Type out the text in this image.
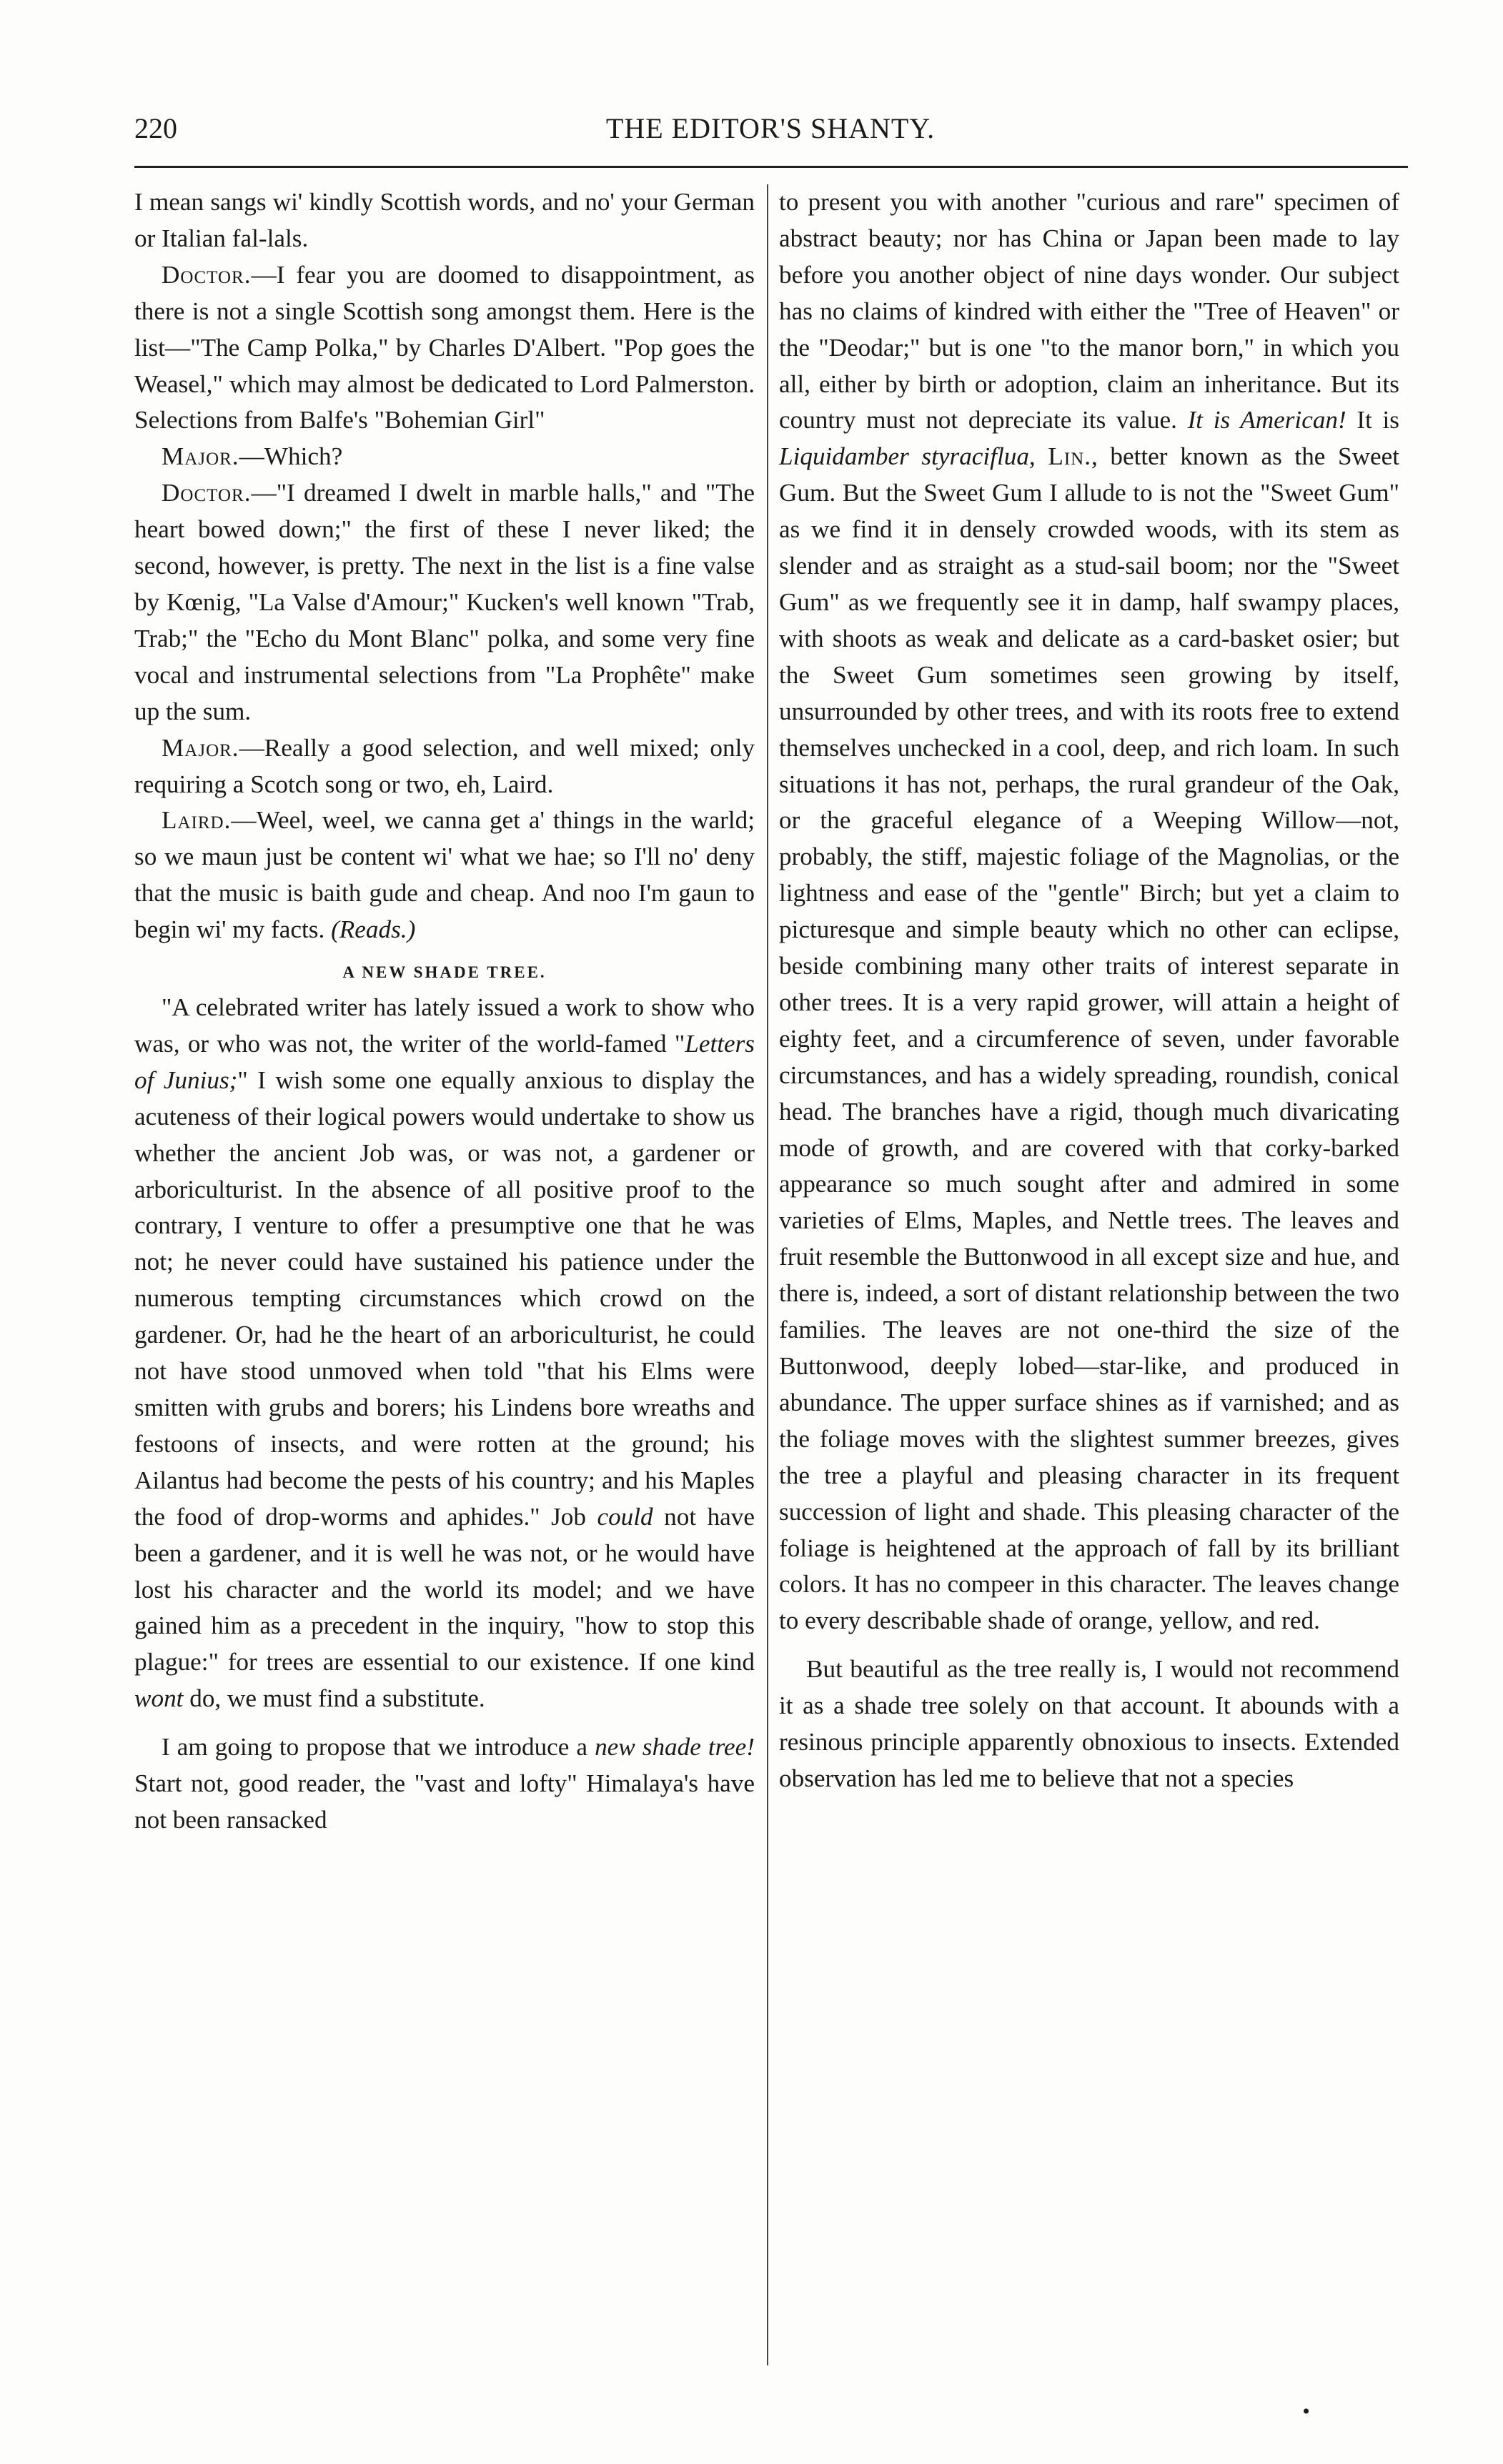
220	THE EDITOR'S SHANTY.

I mean sangs wi' kindly Scottish words, and no' your German or Italian fal-lals.

Doctor.—I fear you are doomed to disappointment, as there is not a single Scottish song amongst them. Here is the list—"The Camp Polka," by Charles D'Albert. "Pop goes the Weasel," which may almost be dedicated to Lord Palmerston. Selections from Balfe's "Bohemian Girl"

Major.—Which?

Doctor.—"I dreamed I dwelt in marble halls," and "The heart bowed down;" the first of these I never liked; the second, however, is pretty. The next in the list is a fine valse by Kœnig, "La Valse d'Amour;" Kucken's well known "Trab, Trab;" the "Echo du Mont Blanc" polka, and some very fine vocal and instrumental selections from "La Prophête" make up the sum.

Major.—Really a good selection, and well mixed; only requiring a Scotch song or two, eh, Laird.

Laird.—Weel, weel, we canna get a' things in the warld; so we maun just be content wi' what we hae; so I'll no' deny that the music is baith gude and cheap. And noo I'm gaun to begin wi' my facts. (Reads.)

A NEW SHADE TREE.

"A celebrated writer has lately issued a work to show who was, or who was not, the writer of the world-famed "Letters of Junius;" I wish some one equally anxious to display the acuteness of their logical powers would undertake to show us whether the ancient Job was, or was not, a gardener or arboriculturist. In the absence of all positive proof to the contrary, I venture to offer a presumptive one that he was not; he never could have sustained his patience under the numerous tempting circumstances which crowd on the gardener. Or, had he the heart of an arboriculturist, he could not have stood unmoved when told "that his Elms were smitten with grubs and borers; his Lindens bore wreaths and festoons of insects, and were rotten at the ground; his Ailantus had become the pests of his country; and his Maples the food of drop-worms and aphides." Job could not have been a gardener, and it is well he was not, or he would have lost his character and the world its model; and we have gained him as a precedent in the inquiry, "how to stop this plague:" for trees are essential to our existence. If one kind wont do, we must find a substitute.

I am going to propose that we introduce a new shade tree! Start not, good reader, the "vast and lofty" Himalaya's have not been ransacked

to present you with another "curious and rare" specimen of abstract beauty; nor has China or Japan been made to lay before you another object of nine days wonder. Our subject has no claims of kindred with either the "Tree of Heaven" or the "Deodar;" but is one "to the manor born," in which you all, either by birth or adoption, claim an inheritance. But its country must not depreciate its value. It is American! It is Liquidamber styraciflua, Lin., better known as the Sweet Gum. But the Sweet Gum I allude to is not the "Sweet Gum" as we find it in densely crowded woods, with its stem as slender and as straight as a stud-sail boom; nor the "Sweet Gum" as we frequently see it in damp, half swampy places, with shoots as weak and delicate as a card-basket osier; but the Sweet Gum sometimes seen growing by itself, unsurrounded by other trees, and with its roots free to extend themselves unchecked in a cool, deep, and rich loam. In such situations it has not, perhaps, the rural grandeur of the Oak, or the graceful elegance of a Weeping Willow—not, probably, the stiff, majestic foliage of the Magnolias, or the lightness and ease of the "gentle" Birch; but yet a claim to picturesque and simple beauty which no other can eclipse, beside combining many other traits of interest separate in other trees. It is a very rapid grower, will attain a height of eighty feet, and a circumference of seven, under favorable circumstances, and has a widely spreading, roundish, conical head. The branches have a rigid, though much divaricating mode of growth, and are covered with that corky-barked appearance so much sought after and admired in some varieties of Elms, Maples, and Nettle trees. The leaves and fruit resemble the Buttonwood in all except size and hue, and there is, indeed, a sort of distant relationship between the two families. The leaves are not one-third the size of the Buttonwood, deeply lobed—star-like, and produced in abundance. The upper surface shines as if varnished; and as the foliage moves with the slightest summer breezes, gives the tree a playful and pleasing character in its frequent succession of light and shade. This pleasing character of the foliage is heightened at the approach of fall by its brilliant colors. It has no compeer in this character. The leaves change to every describable shade of orange, yellow, and red.

But beautiful as the tree really is, I would not recommend it as a shade tree solely on that account. It abounds with a resinous principle apparently obnoxious to insects. Extended observation has led me to believe that not a species

•
